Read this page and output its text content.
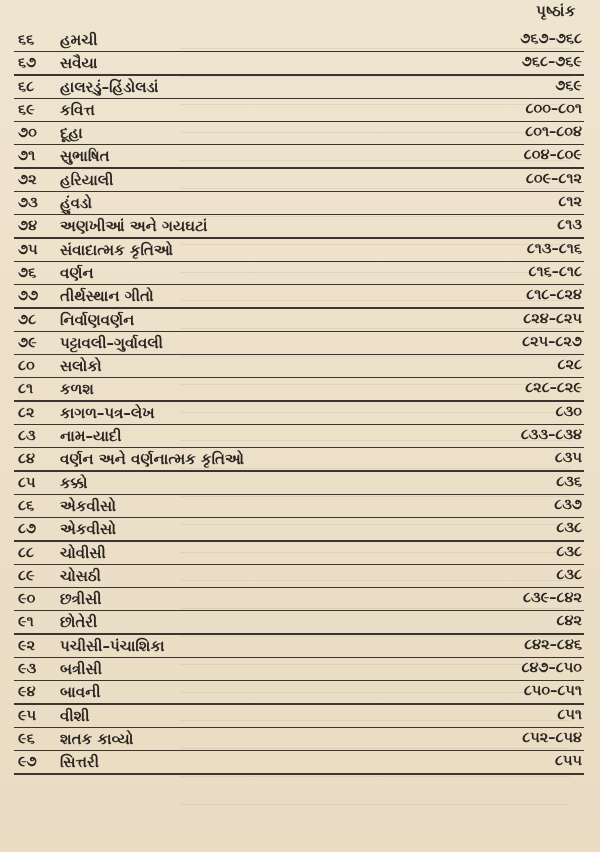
પૃષ્ઠાંક
૬૬ હમચી	૭૬૭–૭૬૮
૬૭ સવૈયા	૭૬૮–૭૬૯
૬૮ હાલરડું–હિંડોલડાં	૭૬૯
૬૯ કવિત્ત	૮૦૦–૮૦૧
૭૦ દૂહા	૮૦૧–૮૦૪
૭૧ સુભાષિત	૮૦૪–૮૦૯
૭૨ હરિયાલી	૮૦૯–૮૧૨
૭૩ હુંવડો	૮૧૨
૭૪ અણખીઆં અને ગયઘટાં	૮૧૩
૭૫ સંવાદાત્મક કૃતિઓ	૮૧૩–૮૧૬
૭૬ વર્ણન	૮૧૬–૮૧૮
૭૭ તીર્થસ્થાન ગીતો	૮૧૮–૮૨૪
૭૮ નિર્વાણવર્ણન	૮૨૪–૮૨૫
૭૯ પટ્ટાવલી–ગુર્વાવલી	૮૨૫–૮૨૭
૮૦ સલોકો	૮૨૮
૮૧ કળશ	૮૨૮–૮૨૯
૮૨ કાગળ–પત્ર–લેખ	૮૩૦
૮૩ નામ–યાદી	૮૩૩–૮૩૪
૮૪ વર્ણન અને વર્ણનાત્મક કૃતિઓ	૮૩૫
૮૫ કક્કો	૮૩૬
૮૬ એકવીસો	૮૩૭
૮૭ એકવીસો	૮૩૮
૮૮ ચોવીસી	૮૩૮
૮૯ ચોસઠી	૮૩૮
૯૦ છત્રીસી	૮૩૯–૮૪૨
૯૧ છોતેરી	૮૪૨
૯૨ પચીસી–પંચાશિકા	૮૪૨–૮૪૬
૯૩ બત્રીસી	૮૪૭–૮૫૦
૯૪ બાવની	૮૫૦–૮૫૧
૯૫ વીશી	૮૫૧
૯૬ શતક કાવ્યો	૮૫૨–૮૫૪
૯૭ સિત્તરી	૮૫૫
